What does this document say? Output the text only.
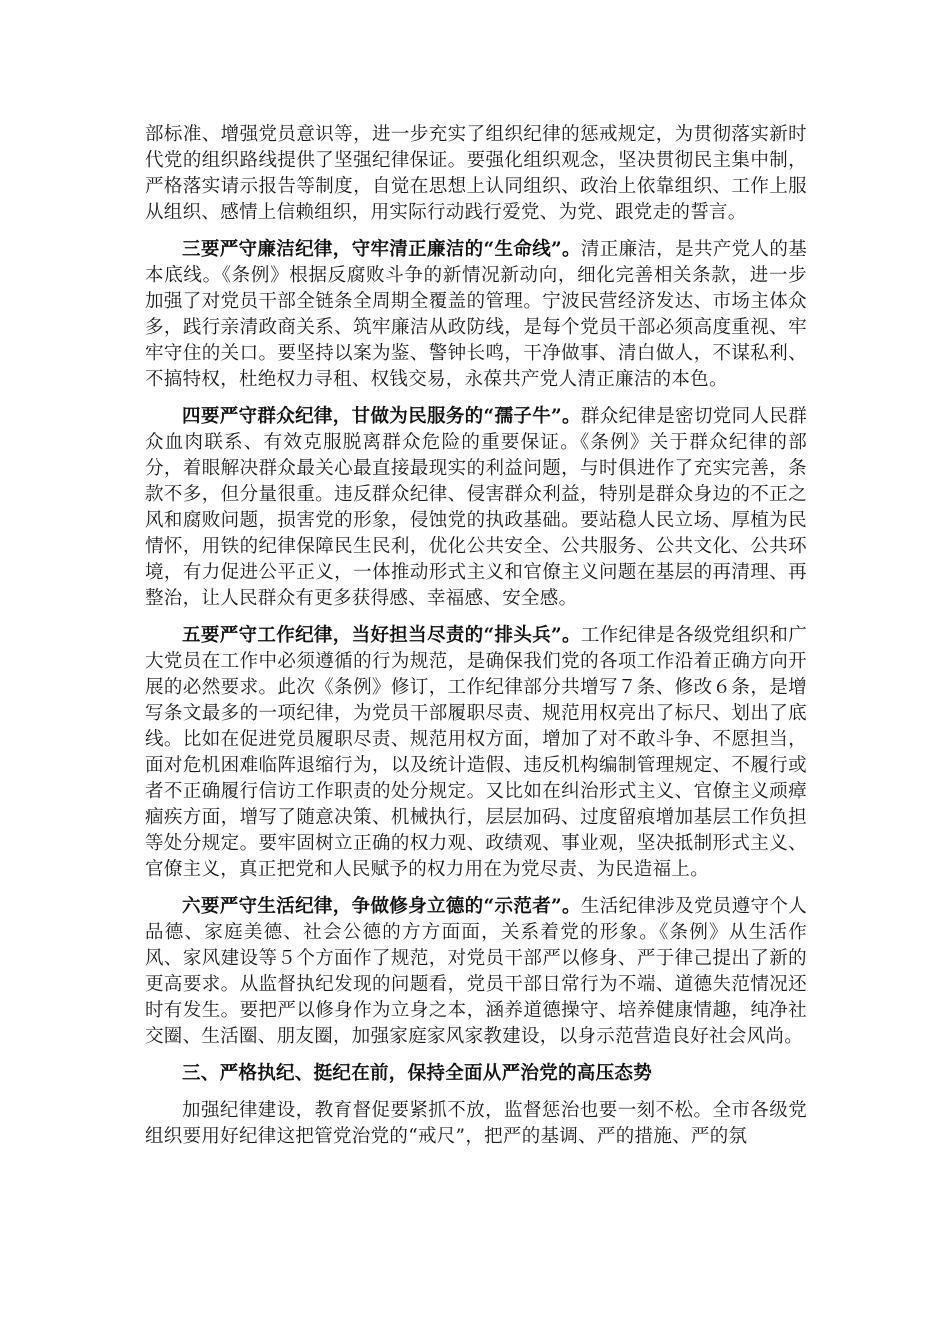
部标准、增强党员意识等，进一步充实了组织纪律的惩戒规定，为贯彻落实新时代党的组织路线提供了坚强纪律保证。要强化组织观念，坚决贯彻民主集中制，严格落实请示报告等制度，自觉在思想上认同组织、政治上依靠组织、工作上服从组织、感情上信赖组织，用实际行动践行爱党、为党、跟党走的誓言。

三要严守廉洁纪律，守牢清正廉洁的“生命线”。清正廉洁，是共产党人的基本底线。《条例》根据反腐败斗争的新情况新动向，细化完善相关条款，进一步加强了对党员干部全链条全周期全覆盖的管理。宁波民营经济发达、市场主体众多，践行亲清政商关系、筑牢廉洁从政防线，是每个党员干部必须高度重视、牢牢守住的关口。要坚持以案为鉴、警钟长鸣，干净做事、清白做人，不谋私利、不搞特权，杜绝权力寻租、权钱交易，永葆共产党人清正廉洁的本色。

四要严守群众纪律，甘做为民服务的“孺子牛”。群众纪律是密切党同人民群众血肉联系、有效克服脱离群众危险的重要保证。《条例》关于群众纪律的部分，着眼解决群众最关心最直接最现实的利益问题，与时俱进作了充实完善，条款不多，但分量很重。违反群众纪律、侵害群众利益，特别是群众身边的不正之风和腐败问题，损害党的形象，侵蚀党的执政基础。要站稳人民立场、厚植为民情怀，用铁的纪律保障民生民利，优化公共安全、公共服务、公共文化、公共环境，有力促进公平正义，一体推动形式主义和官僚主义问题在基层的再清理、再整治，让人民群众有更多获得感、幸福感、安全感。

五要严守工作纪律，当好担当尽责的“排头兵”。工作纪律是各级党组织和广大党员在工作中必须遵循的行为规范，是确保我们党的各项工作沿着正确方向开展的必然要求。此次《条例》修订，工作纪律部分共增写７条、修改６条，是增写条文最多的一项纪律，为党员干部履职尽责、规范用权亮出了标尺、划出了底线。比如在促进党员履职尽责、规范用权方面，增加了对不敢斗争、不愿担当，面对危机困难临阵退缩行为，以及统计造假、违反机构编制管理规定、不履行或者不正确履行信访工作职责的处分规定。又比如在纠治形式主义、官僚主义顽瘴痼疾方面，增写了随意决策、机械执行，层层加码、过度留痕增加基层工作负担等处分规定。要牢固树立正确的权力观、政绩观、事业观，坚决抵制形式主义、官僚主义，真正把党和人民赋予的权力用在为党尽责、为民造福上。

六要严守生活纪律，争做修身立德的“示范者”。生活纪律涉及党员遵守个人品德、家庭美德、社会公德的方方面面，关系着党的形象。《条例》从生活作风、家风建设等５个方面作了规范，对党员干部严以修身、严于律己提出了新的更高要求。从监督执纪发现的问题看，党员干部日常行为不端、道德失范情况还时有发生。要把严以修身作为立身之本，涵养道德操守、培养健康情趣，纯净社交圈、生活圈、朋友圈，加强家庭家风家教建设，以身示范营造良好社会风尚。

三、严格执纪、挺纪在前，保持全面从严治党的高压态势

加强纪律建设，教育督促要紧抓不放，监督惩治也要一刻不松。全市各级党组织要用好纪律这把管党治党的“戒尺”，把严的基调、严的措施、严的氛
